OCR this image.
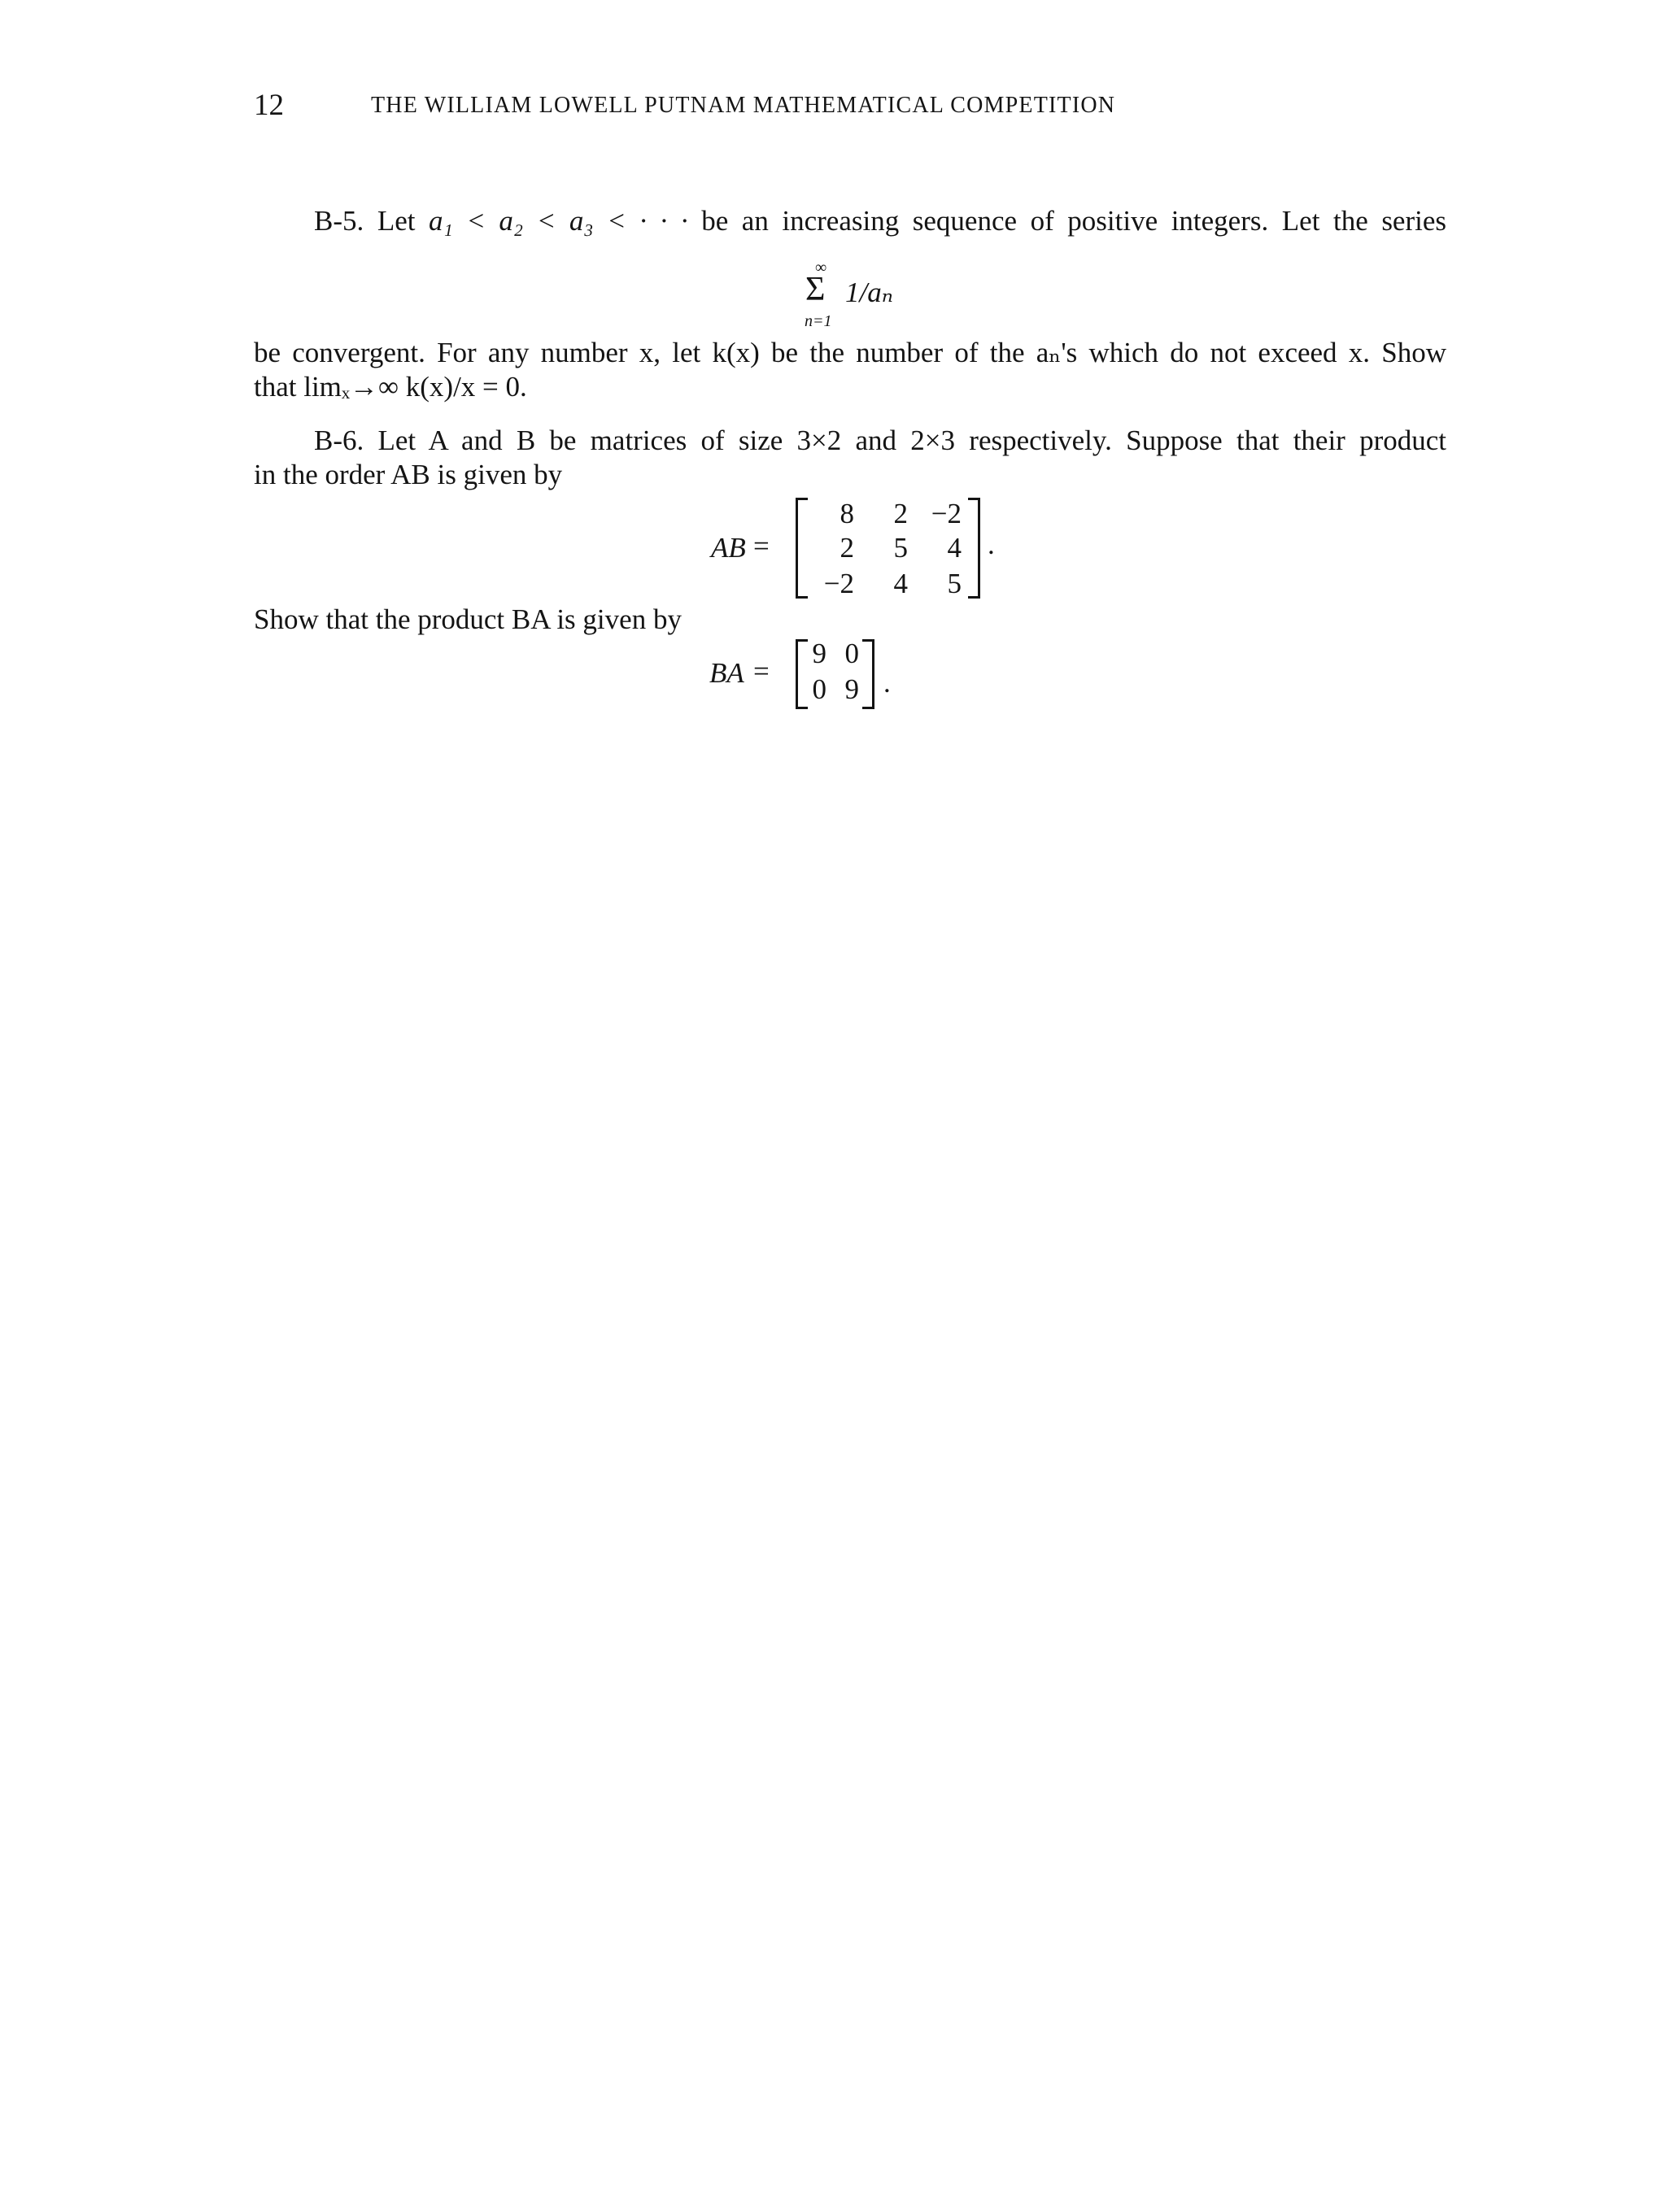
12	THE WILLIAM LOWELL PUTNAM MATHEMATICAL COMPETITION
B-5. Let a₁ < a₂ < a₃ < · · · be an increasing sequence of positive integers. Let the series
∞
Σ
n=1
1/aₙ
be convergent. For any number x, let k(x) be the number of the aₙ's which do not exceed x. Show
that limₓ→∞ k(x)/x = 0.
B-6. Let A and B be matrices of size 3×2 and 2×3 respectively. Suppose that their product
in the order AB is given by
AB =
8	2 −2
2	5	4
−2	4	5
.
Show that the product BA is given by
BA =
9 0
0 9 .
